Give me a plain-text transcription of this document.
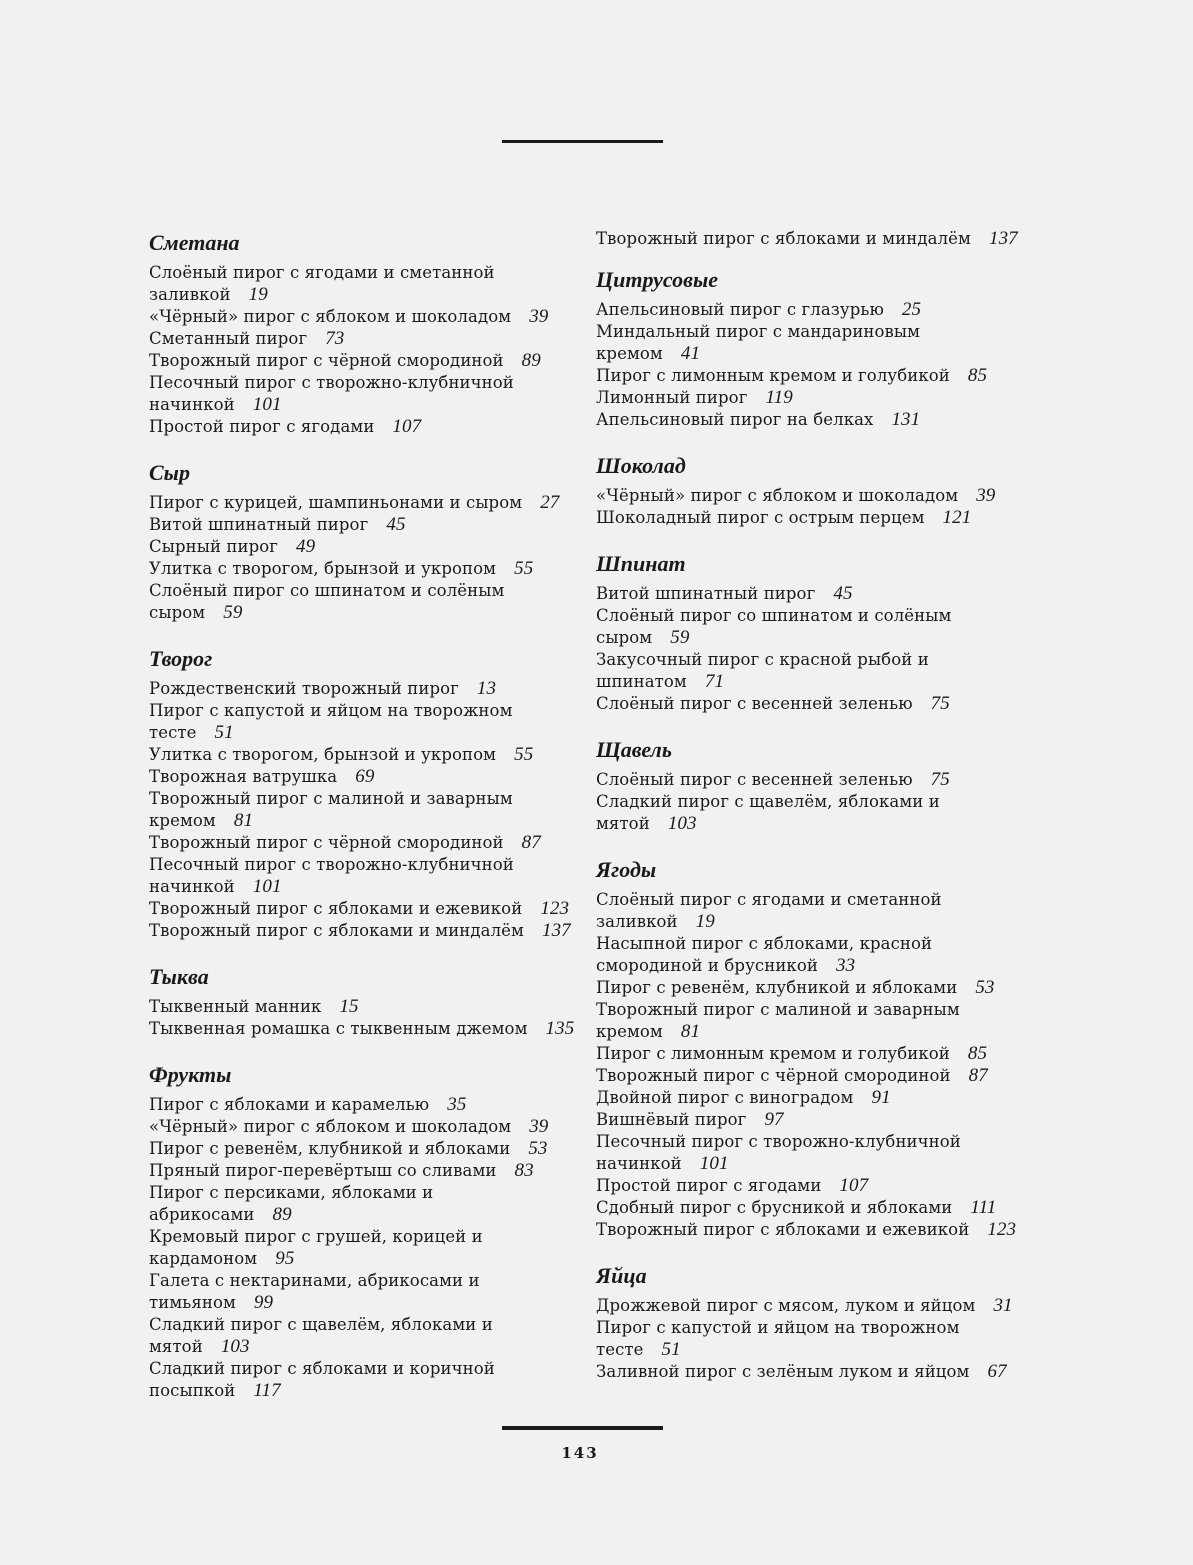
Сметана
Слоёный пирог с ягодами и сметанной заливкой 19
«Чёрный» пирог с яблоком и шоколадом 39
Сметанный пирог 73
Творожный пирог с чёрной смородиной 89
Песочный пирог с творожно-клубничной начинкой 101
Простой пирог с ягодами 107
Сыр
Пирог с курицей, шампиньонами и сыром 27
Витой шпинатный пирог 45
Сырный пирог 49
Улитка с творогом, брынзой и укропом 55
Слоёный пирог со шпинатом и солёным сыром 59
Творог
Рождественский творожный пирог 13
Пирог с капустой и яйцом на творожном тесте 51
Улитка с творогом, брынзой и укропом 55
Творожная ватрушка 69
Творожный пирог с малиной и заварным кремом 81
Творожный пирог с чёрной смородиной 87
Песочный пирог с творожно-клубничной начинкой 101
Творожный пирог с яблоками и ежевикой 123
Творожный пирог с яблоками и миндалём 137
Тыква
Тыквенный манник 15
Тыквенная ромашка с тыквенным джемом 135
Фрукты
Пирог с яблоками и карамелью 35
«Чёрный» пирог с яблоком и шоколадом 39
Пирог с ревенём, клубникой и яблоками 53
Пряный пирог-перевёртыш со сливами 83
Пирог с персиками, яблоками и абрикосами 89
Кремовый пирог с грушей, корицей и кардамоном 95
Галета с нектаринами, абрикосами и тимьяном 99
Сладкий пирог с щавелём, яблоками и мятой 103
Сладкий пирог с яблоками и коричной посыпкой 117
Творожный пирог с яблоками и миндалём 137
Цитрусовые
Апельсиновый пирог с глазурью 25
Миндальный пирог с мандариновым кремом 41
Пирог с лимонным кремом и голубикой 85
Лимонный пирог 119
Апельсиновый пирог на белках 131
Шоколад
«Чёрный» пирог с яблоком и шоколадом 39
Шоколадный пирог с острым перцем 121
Шпинат
Витой шпинатный пирог 45
Слоёный пирог со шпинатом и солёным сыром 59
Закусочный пирог с красной рыбой и шпинатом 71
Слоёный пирог с весенней зеленью 75
Щавель
Слоёный пирог с весенней зеленью 75
Сладкий пирог с щавелём, яблоками и мятой 103
Ягоды
Слоёный пирог с ягодами и сметанной заливкой 19
Насыпной пирог с яблоками, красной смородиной и брусникой 33
Пирог с ревенём, клубникой и яблоками 53
Творожный пирог с малиной и заварным кремом 81
Пирог с лимонным кремом и голубикой 85
Творожный пирог с чёрной смородиной 87
Двойной пирог с виноградом 91
Вишнёвый пирог 97
Песочный пирог с творожно-клубничной начинкой 101
Простой пирог с ягодами 107
Сдобный пирог с брусникой и яблоками 111
Творожный пирог с яблоками и ежевикой 123
Яйца
Дрожжевой пирог с мясом, луком и яйцом 31
Пирог с капустой и яйцом на творожном тесте 51
Заливной пирог с зелёным луком и яйцом 67
143
